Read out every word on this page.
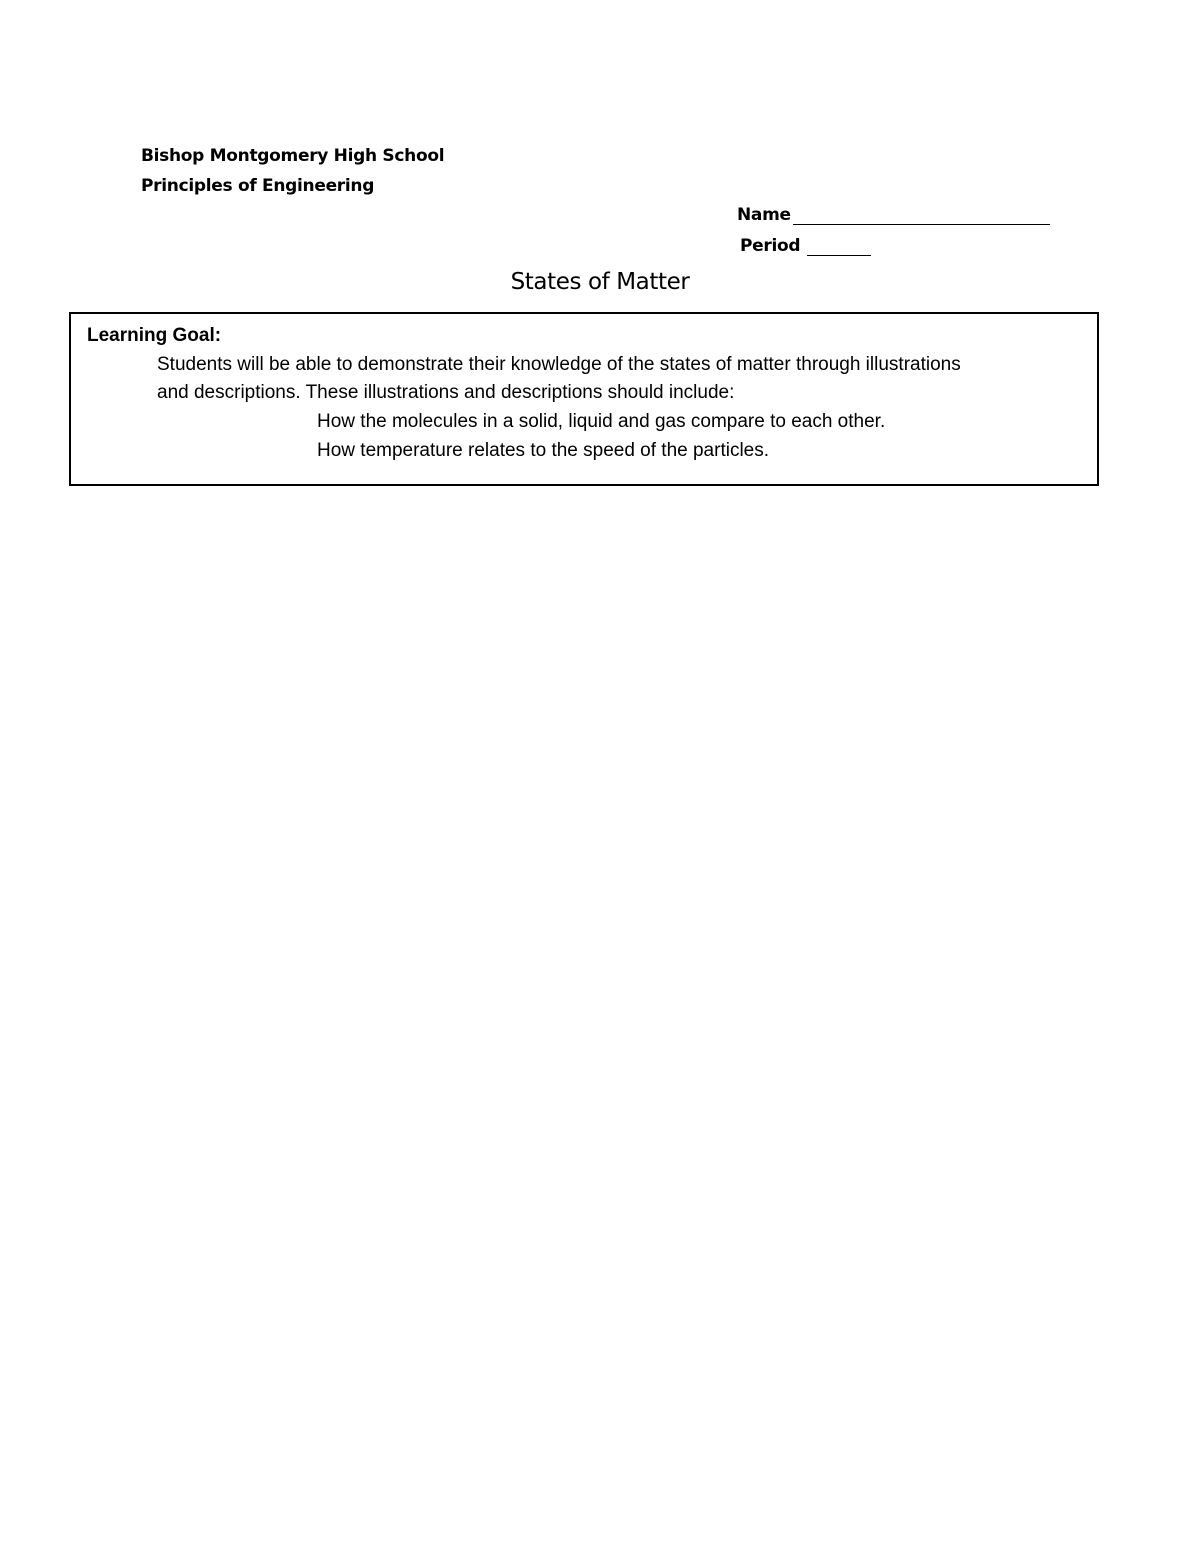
Bishop Montgomery High School
Principles of Engineering
Name
Period
States of Matter
Learning Goal:
Students will be able to demonstrate their knowledge of the states of matter through illustrations
and descriptions. These illustrations and descriptions should include:
How the molecules in a solid, liquid and gas compare to each other.
How temperature relates to the speed of the particles.
